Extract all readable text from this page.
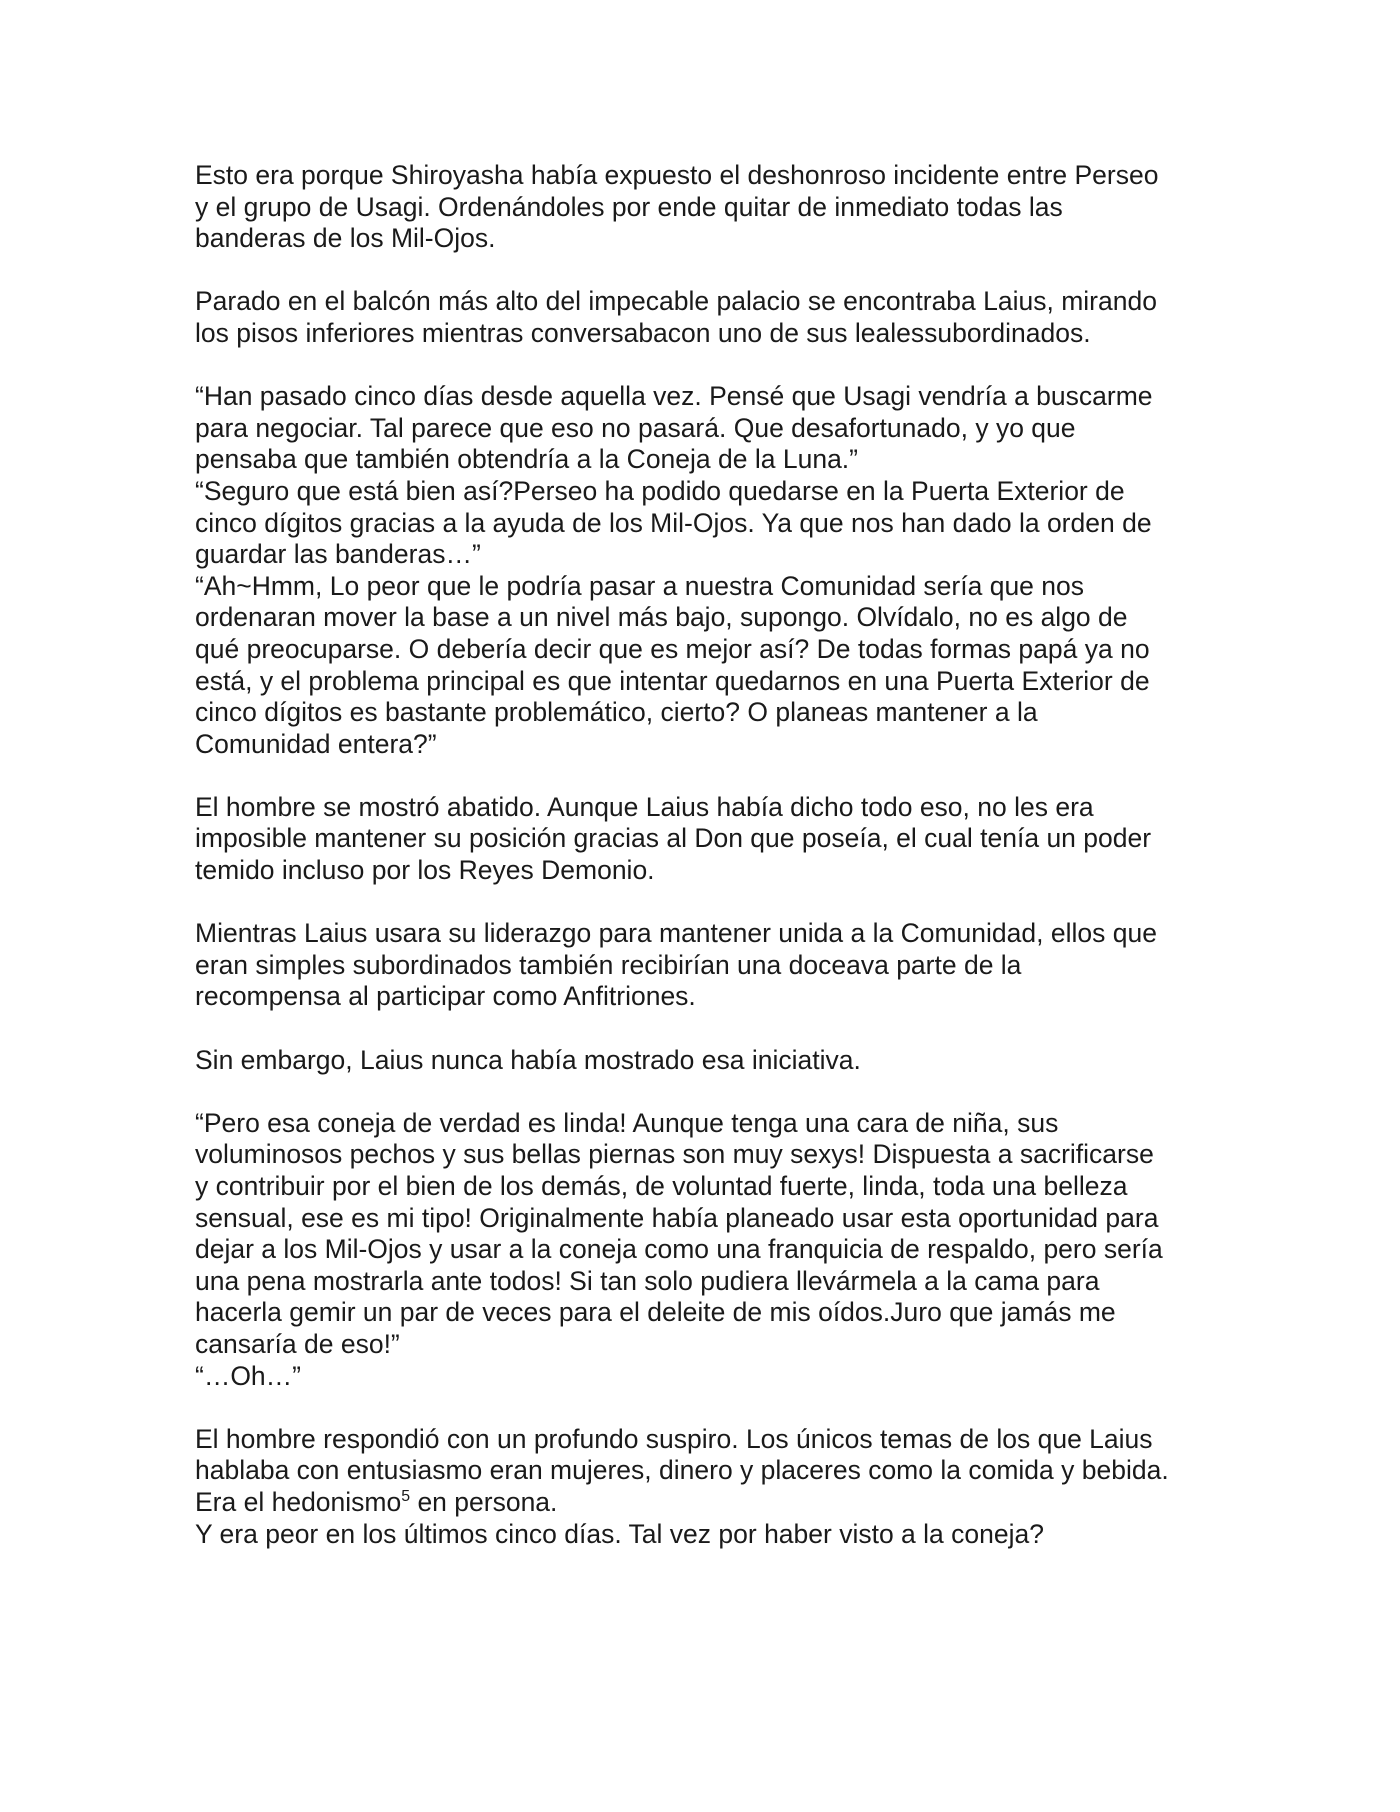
Esto era porque Shiroyasha había expuesto el deshonroso incidente entre Perseo
y el grupo de Usagi. Ordenándoles por ende quitar de inmediato todas las
banderas de los Mil-Ojos.
Parado en el balcón más alto del impecable palacio se encontraba Laius, mirando
los pisos inferiores mientras conversabacon uno de sus lealessubordinados.
“Han pasado cinco días desde aquella vez. Pensé que Usagi vendría a buscarme
para negociar. Tal parece que eso no pasará. Que desafortunado, y yo que
pensaba que también obtendría a la Coneja de la Luna.”
“Seguro que está bien así?Perseo ha podido quedarse en la Puerta Exterior de
cinco dígitos gracias a la ayuda de los Mil-Ojos. Ya que nos han dado la orden de
guardar las banderas…”
“Ah~Hmm, Lo peor que le podría pasar a nuestra Comunidad sería que nos
ordenaran mover la base a un nivel más bajo, supongo. Olvídalo, no es algo de
qué preocuparse. O debería decir que es mejor así? De todas formas papá ya no
está, y el problema principal es que intentar quedarnos en una Puerta Exterior de
cinco dígitos es bastante problemático, cierto? O planeas mantener a la
Comunidad entera?”
El hombre se mostró abatido. Aunque Laius había dicho todo eso, no les era
imposible mantener su posición gracias al Don que poseía, el cual tenía un poder
temido incluso por los Reyes Demonio.
Mientras Laius usara su liderazgo para mantener unida a la Comunidad, ellos que
eran simples subordinados también recibirían una doceava parte de la
recompensa al participar como Anfitriones.
Sin embargo, Laius nunca había mostrado esa iniciativa.
“Pero esa coneja de verdad es linda! Aunque tenga una cara de niña, sus
voluminosos pechos y sus bellas piernas son muy sexys! Dispuesta a sacrificarse
y contribuir por el bien de los demás, de voluntad fuerte, linda, toda una belleza
sensual, ese es mi tipo! Originalmente había planeado usar esta oportunidad para
dejar a los Mil-Ojos y usar a la coneja como una franquicia de respaldo, pero sería
una pena mostrarla ante todos! Si tan solo pudiera llevármela a la cama para
hacerla gemir un par de veces para el deleite de mis oídos.Juro que jamás me
cansaría de eso!”
“…Oh…”
El hombre respondió con un profundo suspiro. Los únicos temas de los que Laius
hablaba con entusiasmo eran mujeres, dinero y placeres como la comida y bebida.
Era el hedonismo$^5$ en persona.
Y era peor en los últimos cinco días. Tal vez por haber visto a la coneja?
